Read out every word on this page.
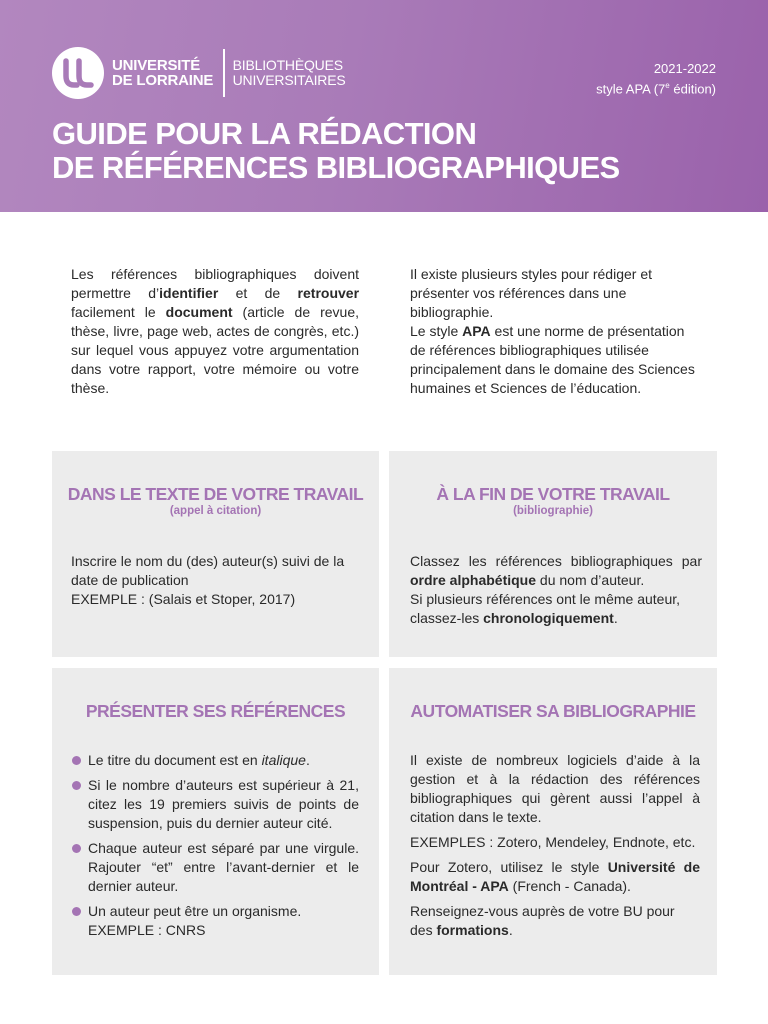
UNIVERSITÉ
DE LORRAINE
BIBLIOTHÈQUES
UNIVERSITAIRES
2021-2022
style APA (7e édition)
GUIDE POUR LA RÉDACTION
DE RÉFÉRENCES BIBLIOGRAPHIQUES

Les références bibliographiques doivent permettre d’identifier et de retrouver facilement le document (article de revue, thèse, livre, page web, actes de congrès, etc.) sur lequel vous appuyez votre argumentation dans votre rapport, votre mémoire ou votre thèse.

Il existe plusieurs styles pour rédiger et présenter vos références dans une bibliographie.

Le style APA est une norme de présentation de références bibliographiques utilisée principalement dans le domaine des Sciences humaines et Sciences de l’éducation.

DANS LE TEXTE DE VOTRE TRAVAIL
(appel à citation)
Inscrire le nom du (des) auteur(s) suivi de la date de publication
EXEMPLE : (Salais et Stoper, 2017)
À LA FIN DE VOTRE TRAVAIL
(bibliographie)
Classez les références bibliographiques par ordre alphabétique du nom d’auteur.
Si plusieurs références ont le même auteur, classez-les chronologiquement.
PRÉSENTER SES RÉFÉRENCES
Le titre du document est en italique.
Si le nombre d’auteurs est supérieur à 21, citez les 19 premiers suivis de points de suspension, puis du dernier auteur cité.
Chaque auteur est séparé par une virgule. Rajouter “et” entre l’avant-dernier et le dernier auteur.
Un auteur peut être un organisme.
EXEMPLE : CNRS
AUTOMATISER SA BIBLIOGRAPHIE

Il existe de nombreux logiciels d’aide à la gestion et à la rédaction des références bibliographiques qui gèrent aussi l’appel à citation dans le texte.

EXEMPLES : Zotero, Mendeley, Endnote, etc.

Pour Zotero, utilisez le style Université de Montréal - APA (French - Canada).

Renseignez-vous auprès de votre BU pour des formations.
